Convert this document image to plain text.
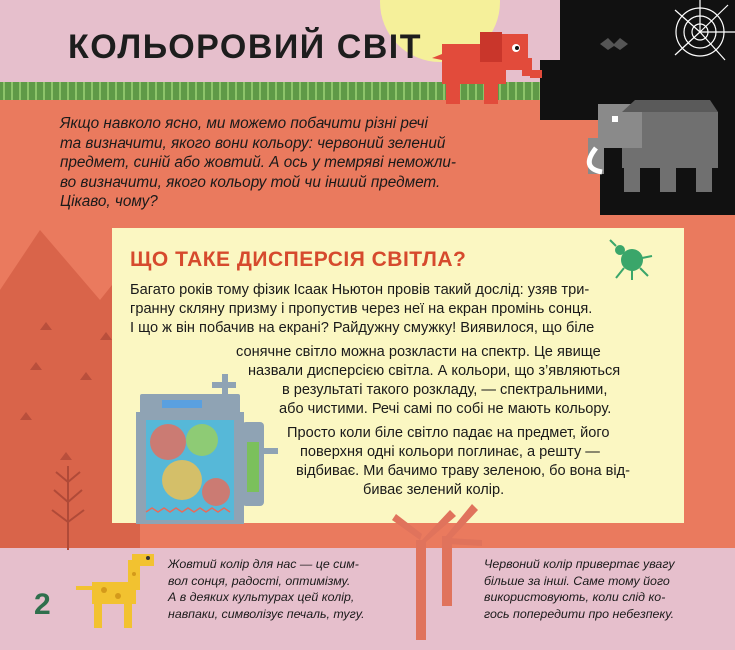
КОЛЬОРОВИЙ СВІТ
Якщо навколо ясно, ми можемо побачити різні речі
та визначити, якого вони кольору: червоний зелений
предмет, синій або жовтий. А ось у темряві неможли-
во визначити, якого кольору той чи інший предмет.
Цікаво, чому?
ЩО ТАКЕ ДИСПЕРСІЯ СВІТЛА?
Багато років тому фізик Ісаак Ньютон провів такий дослід: узяв три-
гранну скляну призму і пропустив через неї на екран промінь сонця.
І що ж він побачив на екрані? Райдужну смужку! Виявилося, що біле
сонячне світло можна розкласти на спектр. Це явище
назвали дисперсією світла. А кольори, що з’являються
в результаті такого розкладу, — спектральними,
або чистими. Речі самі по собі не мають кольору.
Просто коли біле світло падає на предмет, його
поверхня одні кольори поглинає, а решту —
відбиває. Ми бачимо траву зеленою, бо вона від-
биває зелений колір.
2
Жовтий колір для нас — це сим-
вол сонця, радості, оптимізму.
А в деяких культурах цей колір,
навпаки, символізує печаль, тугу.
Червоний колір привертає увагу
більше за інші. Саме тому його
використовують, коли слід ко-
гось попередити про небезпеку.
